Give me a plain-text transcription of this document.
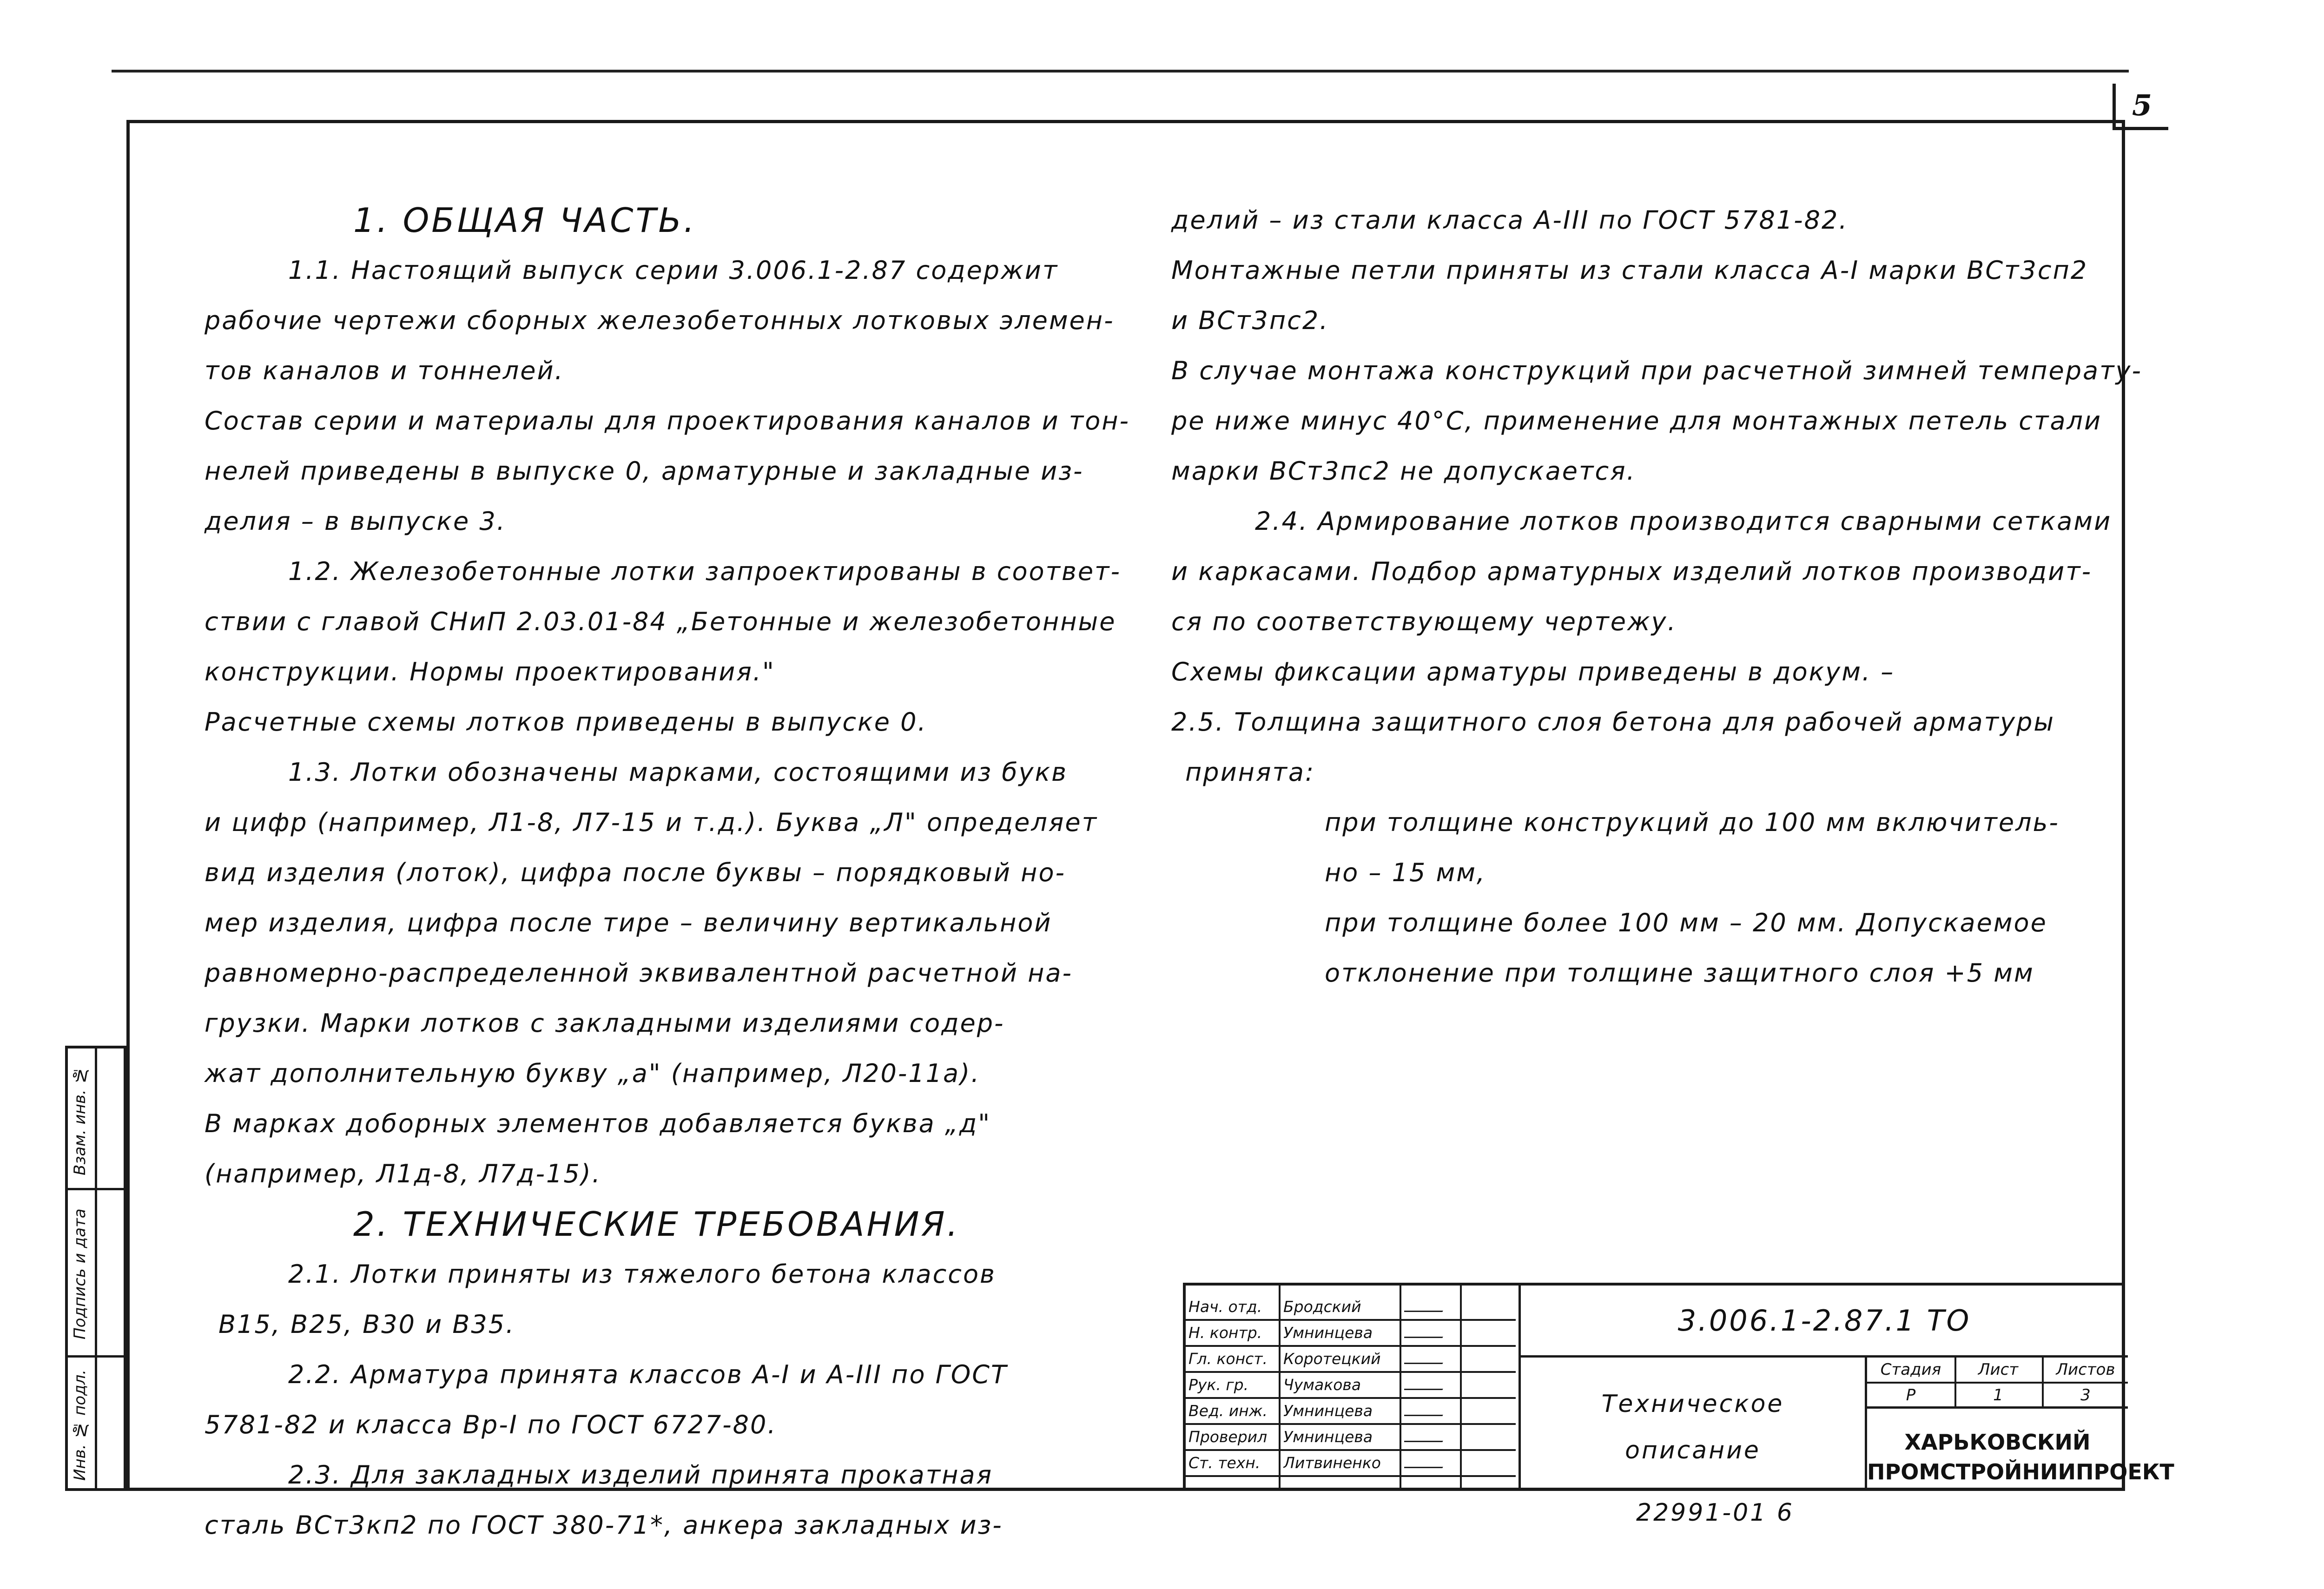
5
1. ОБЩАЯ ЧАСТЬ.
1.1. Настоящий выпуск серии 3.006.1-2.87 содержит
рабочие чертежи сборных железобетонных лотковых элемен-
тов каналов и тоннелей.
Состав серии и материалы для проектирования каналов и тон-
нелей приведены в выпуске 0, арматурные и закладные из-
делия – в выпуске 3.
1.2. Железобетонные лотки запроектированы в соответ-
ствии с главой СНиП 2.03.01-84 „Бетонные и железобетонные
конструкции. Нормы проектирования."
Расчетные схемы лотков приведены в выпуске 0.
1.3. Лотки обозначены марками, состоящими из букв
и цифр (например, Л1-8, Л7-15 и т.д.). Буква „Л" определяет
вид изделия (лоток), цифра после буквы – порядковый но-
мер изделия, цифра после тире – величину вертикальной
равномерно-распределенной эквивалентной расчетной на-
грузки. Марки лотков с закладными изделиями содер-
жат дополнительную букву „а" (например, Л20-11а).
В марках доборных элементов добавляется буква „д"
(например, Л1д-8, Л7д-15).
2. ТЕХНИЧЕСКИЕ ТРЕБОВАНИЯ.
2.1. Лотки приняты из тяжелого бетона классов
В15, В25, В30 и В35.
2.2. Арматура принята классов А-I и А-III по ГОСТ
5781-82 и класса Вр-I по ГОСТ 6727-80.
2.3. Для закладных изделий принята прокатная
сталь ВСт3кп2 по ГОСТ 380-71*, анкера закладных из-
делий – из стали класса А-III по ГОСТ 5781-82.
Монтажные петли приняты из стали класса А-I марки ВСт3сп2
и ВСт3пс2.
В случае монтажа конструкций при расчетной зимней температу-
ре ниже минус 40°С, применение для монтажных петель стали
марки ВСт3пс2 не допускается.
2.4. Армирование лотков производится сварными сетками
и каркасами. Подбор арматурных изделий лотков производит-
ся по соответствующему чертежу.
Схемы фиксации арматуры приведены в докум. –
2.5. Толщина защитного слоя бетона для рабочей арматуры
принята:
при толщине конструкций до 100 мм включитель-
но – 15 мм,
при толщине более 100 мм – 20 мм. Допускаемое
отклонение при толщине защитного слоя +5 мм
Взам. инв. №
Подпись и дата
Инв. № подл.
Нач. отд.	Бродский
Н. контр.	Умнинцева
Гл. конст.	Коротецкий
Рук. гр.	Чумакова
Вед. инж.	Умнинцева
Проверил	Умнинцева
Ст. техн.	Литвиненко
3.006.1-2.87.1 ТО
Техническое
описание
Стадия	Лист	Листов
Р	1	3
ХАРЬКОВСКИЙ
ПРОМСТРОЙНИИПРОЕКТ
22991-01 6
